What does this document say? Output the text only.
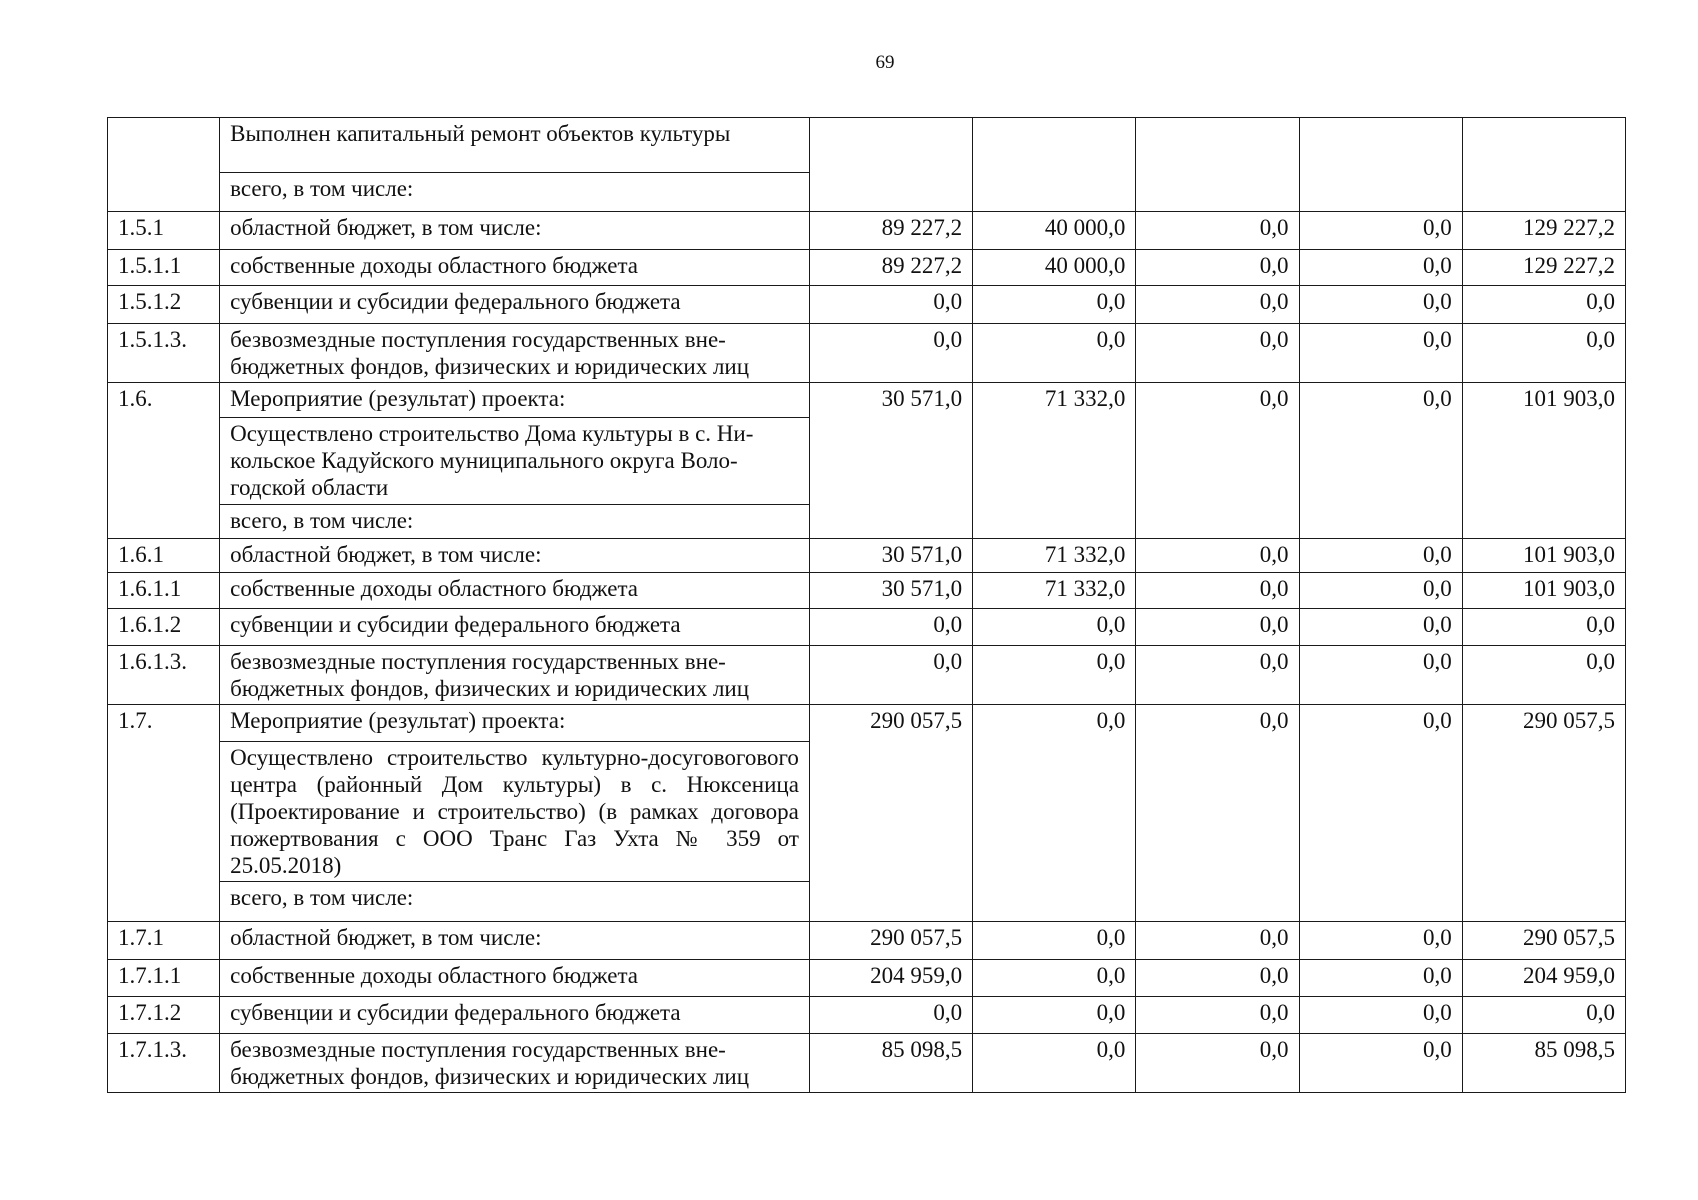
69
	Выполнен капитальный ремонт объектов культуры					
	всего, в том числе:					
1.5.1	областной бюджет, в том числе:	89 227,2	40 000,0	0,0	0,0	129 227,2
1.5.1.1	собственные доходы областного бюджета	89 227,2	40 000,0	0,0	0,0	129 227,2
1.5.1.2	субвенции и субсидии федерального бюджета	0,0	0,0	0,0	0,0	0,0
1.5.1.3.	безвозмездные поступления государственных вне-бюджетных фондов, физических и юридических лиц	0,0	0,0	0,0	0,0	0,0
1.6.	Мероприятие (результат) проекта:	30 571,0	71 332,0	0,0	0,0	101 903,0
	Осуществлено строительство Дома культуры в с. Ни-кольское Кадуйского муниципального округа Воло-годской области					
	всего, в том числе:					
1.6.1	областной бюджет, в том числе:	30 571,0	71 332,0	0,0	0,0	101 903,0
1.6.1.1	собственные доходы областного бюджета	30 571,0	71 332,0	0,0	0,0	101 903,0
1.6.1.2	субвенции и субсидии федерального бюджета	0,0	0,0	0,0	0,0	0,0
1.6.1.3.	безвозмездные поступления государственных вне-бюджетных фондов, физических и юридических лиц	0,0	0,0	0,0	0,0	0,0
1.7.	Мероприятие (результат) проекта:	290 057,5	0,0	0,0	0,0	290 057,5
	Осуществлено строительство культурно-досуговогового центра (районный Дом культуры) в с. Нюксеница (Проектирование и строительство) (в рамках договора пожертвования с ООО Транс Газ Ухта № 359 от 25.05.2018)					
	всего, в том числе:					
1.7.1	областной бюджет, в том числе:	290 057,5	0,0	0,0	0,0	290 057,5
1.7.1.1	собственные доходы областного бюджета	204 959,0	0,0	0,0	0,0	204 959,0
1.7.1.2	субвенции и субсидии федерального бюджета	0,0	0,0	0,0	0,0	0,0
1.7.1.3.	безвозмездные поступления государственных вне-бюджетных фондов, физических и юридических лиц	85 098,5	0,0	0,0	0,0	85 098,5
